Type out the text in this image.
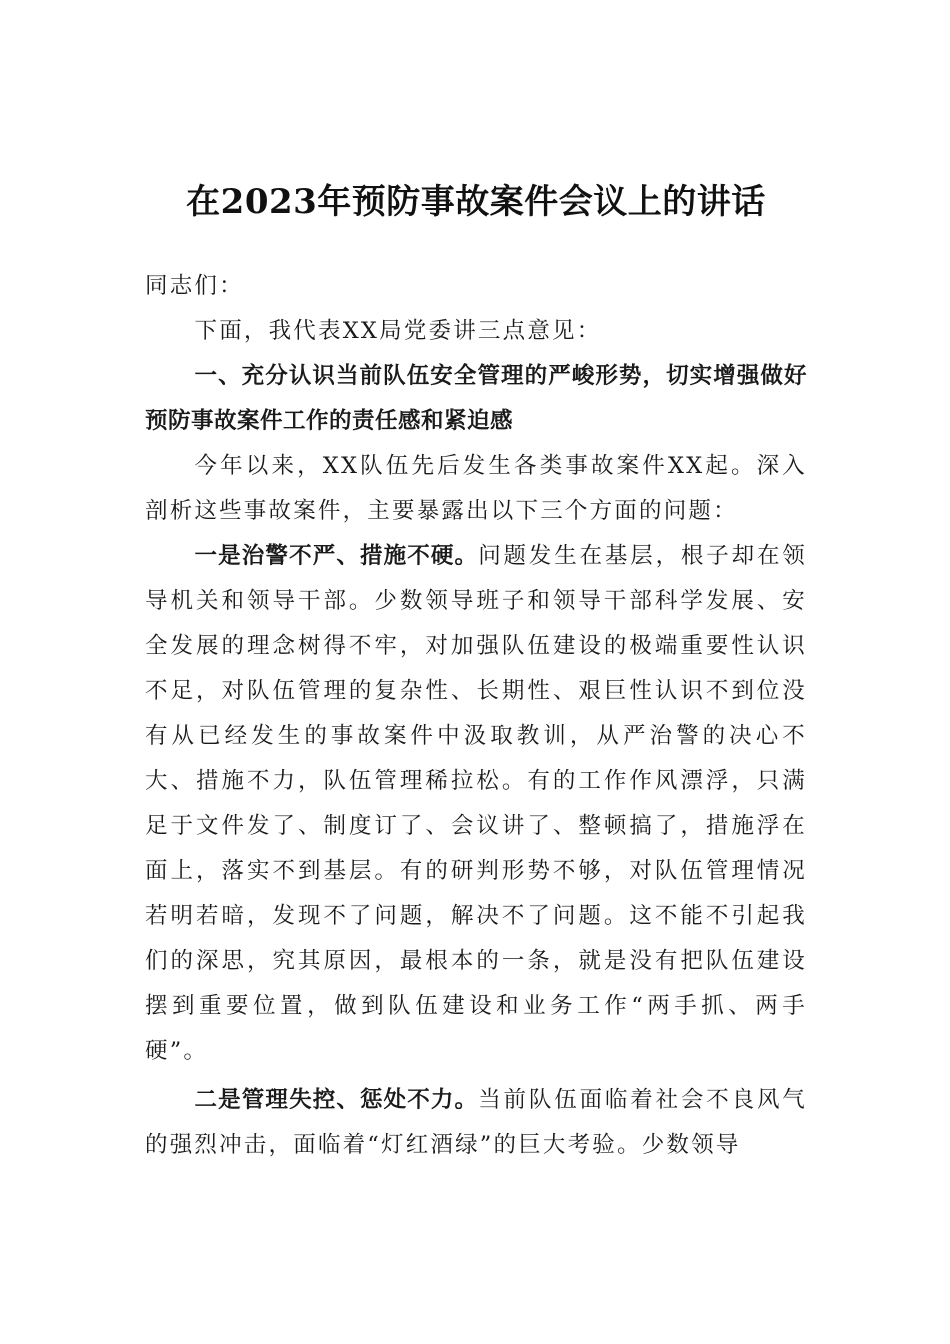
在2023年预防事故案件会议上的讲话

同志们：

下面，我代表XX局党委讲三点意见：

一、充分认识当前队伍安全管理的严峻形势，切实增强做好预防事故案件工作的责任感和紧迫感

今年以来，XX队伍先后发生各类事故案件XX起。深入剖析这些事故案件，主要暴露出以下三个方面的问题：

一是治警不严、措施不硬。问题发生在基层，根子却在领导机关和领导干部。少数领导班子和领导干部科学发展、安全发展的理念树得不牢，对加强队伍建设的极端重要性认识不足，对队伍管理的复杂性、长期性、艰巨性认识不到位没有从已经发生的事故案件中汲取教训，从严治警的决心不大、措施不力，队伍管理稀拉松。有的工作作风漂浮，只满足于文件发了、制度订了、会议讲了、整顿搞了，措施浮在面上，落实不到基层。有的研判形势不够，对队伍管理情况若明若暗，发现不了问题，解决不了问题。这不能不引起我们的深思，究其原因，最根本的一条，就是没有把队伍建设摆到重要位置，做到队伍建设和业务工作“两手抓、两手硬”。

二是管理失控、惩处不力。当前队伍面临着社会不良风气的强烈冲击，面临着“灯红酒绿”的巨大考验。少数领导
